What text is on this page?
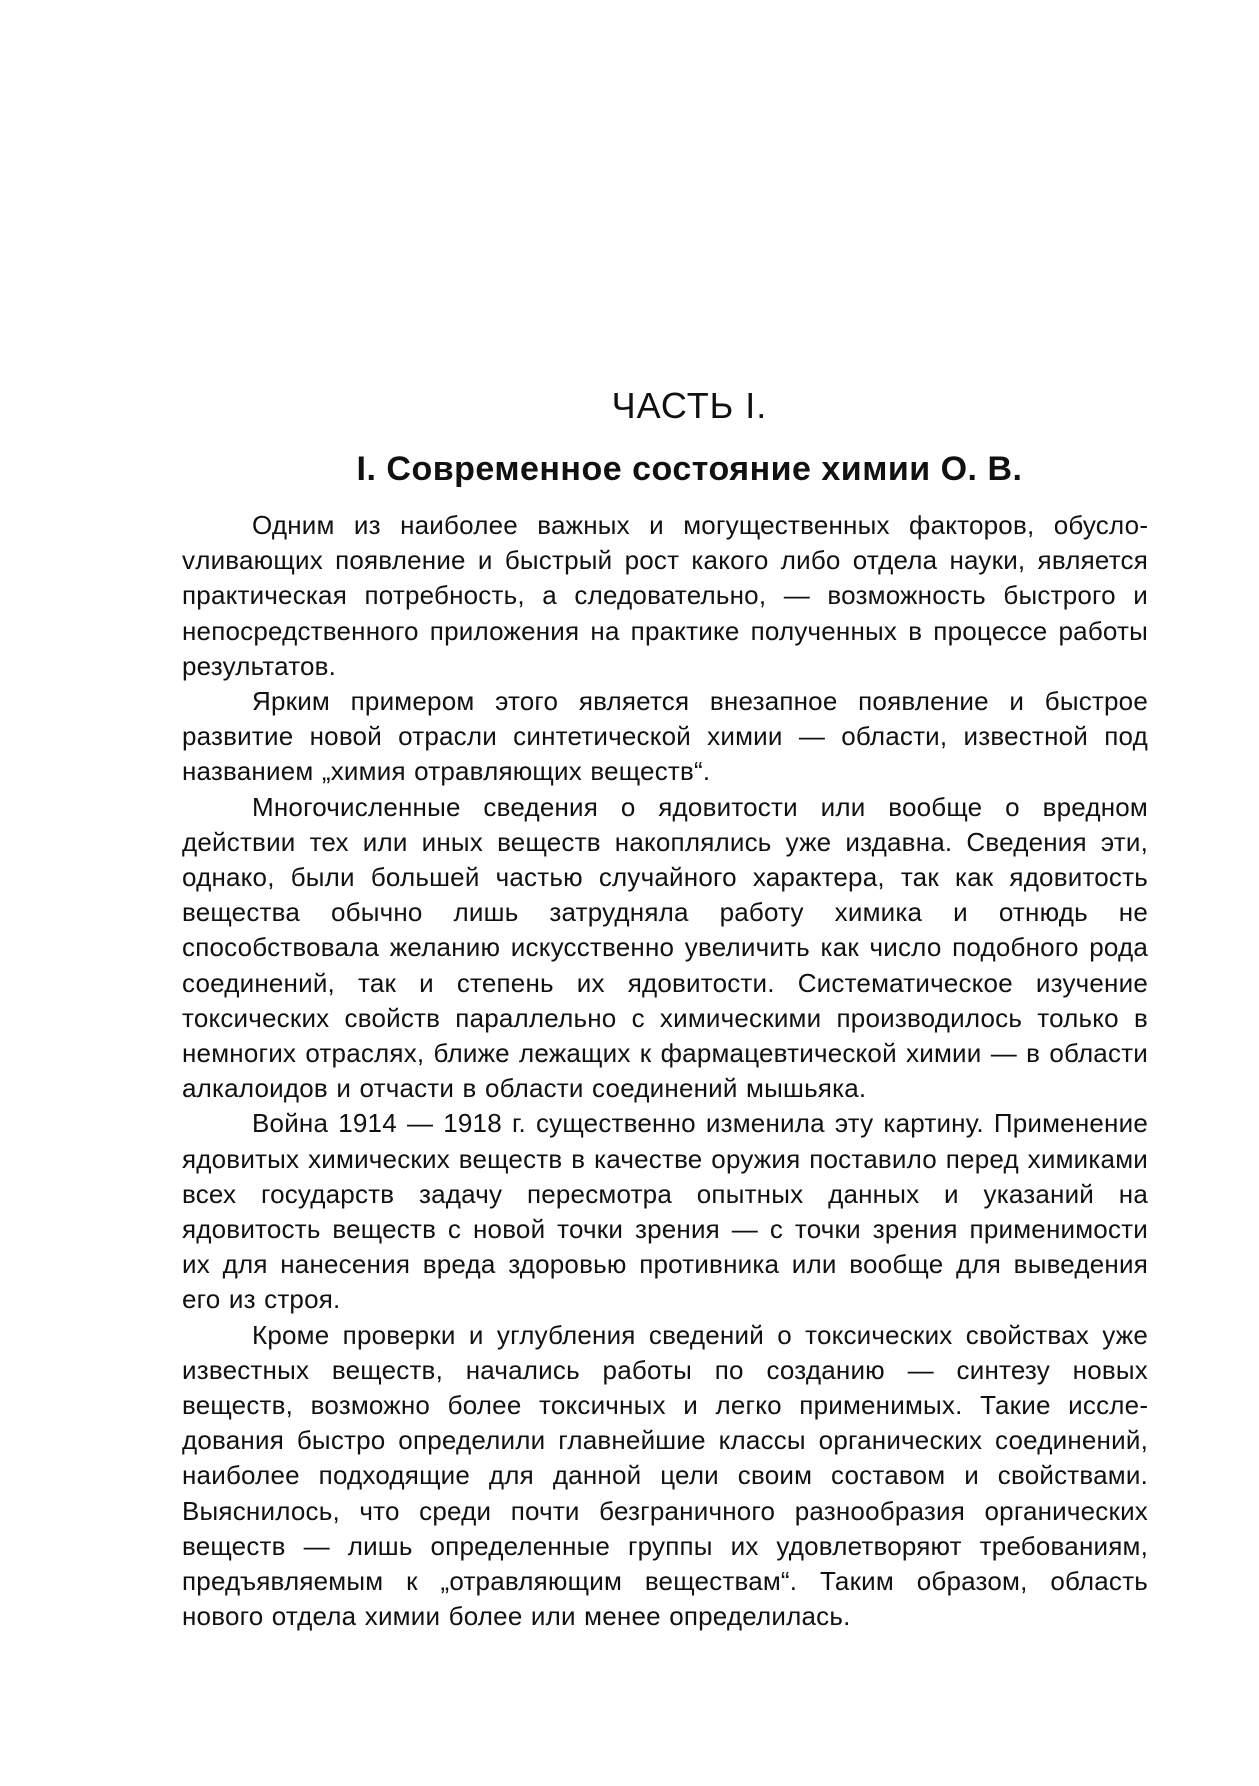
ЧАСТЬ I.
I. Современное состояние химии О. В.

Одним из наиболее важных и могущественных факторов, обуслоvливающих появление и быстрый рост какого либо отдела науки, является практическая потребность, а следовательно, — возможность быстрого и непосредственного приложения на практике полученных в процессе работы результатов.

Ярким примером этого является внезапное появление и быстрое развитие новой отрасли синтетической химии — области, известной под названием „химия отравляющих веществ“.

Многочисленные сведения о ядовитости или вообще о вредном действии тех или иных веществ накоплялись уже издавна. Сведения эти, однако, были большей частью случайного характера, так как ядовитость вещества обычно лишь затрудняла работу химика и отнюдь не способствовала желанию искусственно увеличить как число подобного рода соединений, так и степень их ядовитости. Систематическое изучение токсических свойств параллельно с химическими производилось только в немногих отраслях, ближе лежащих к фармацевтической химии — в области алкалоидов и отчасти в области соединений мышьяка.

Война 1914 — 1918 г. существенно изменила эту картину. Применение ядовитых химических веществ в качестве оружия поставило перед химиками всех государств задачу пересмотра опытных данных и указаний на ядовитость веществ с новой точки зрения — с точки зрения применимости их для нанесения вреда здоровью противника или вообще для выведения его из строя.

Кроме проверки и углубления сведений о токсических свойствах уже известных веществ, начались работы по созданию — синтезу новых веществ, возможно более токсичных и легко применимых. Такие исследования быстро определили главнейшие классы органических соединений, наиболее подходящие для данной цели своим составом и свойствами. Выяснилось, что среди почти безграничного разнообразия органических веществ — лишь определенные группы их удовлетворяют требованиям, предъявляемым к „отравляющим веществам“. Таким образом, область нового отдела химии более или менее определилась.
